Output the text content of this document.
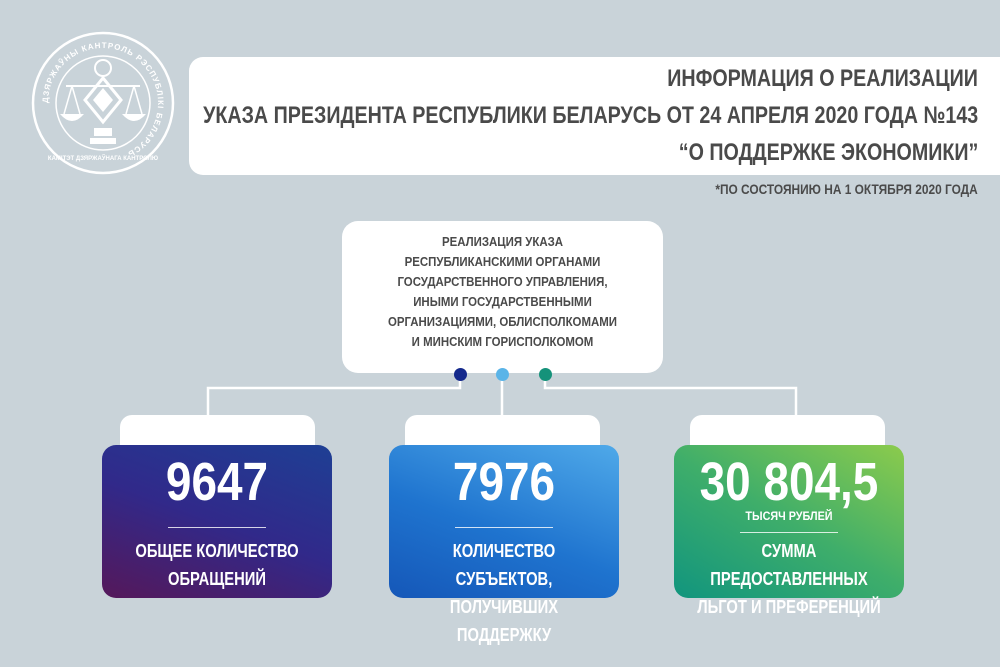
ДЗЯРЖАЎНЫ КАНТРОЛЬ РЭСПУБЛІКІ БЕЛАРУСЬ
КАМІТЭТ ДЗЯРЖАЎНАГА КАНТРОЛЮ

ИНФОРМАЦИЯ О РЕАЛИЗАЦИИ

УКАЗА ПРЕЗИДЕНТА РЕСПУБЛИКИ БЕЛАРУСЬ ОТ 24 АПРЕЛЯ 2020 ГОДА №143

“О ПОДДЕРЖКЕ ЭКОНОМИКИ”

*ПО СОСТОЯНИЮ НА 1 ОКТЯБРЯ 2020 ГОДА

РЕАЛИЗАЦИЯ УКАЗА
РЕСПУБЛИКАНСКИМИ ОРГАНАМИ
ГОСУДАРСТВЕННОГО УПРАВЛЕНИЯ,
ИНЫМИ ГОСУДАРСТВЕННЫМИ
ОРГАНИЗАЦИЯМИ, ОБЛИСПОЛКОМАМИ
И МИНСКИМ ГОРИСПОЛКОМОМ

9647

ОБЩЕЕ КОЛИЧЕСТВО
ОБРАЩЕНИЙ

7976

КОЛИЧЕСТВО СУБЪЕКТОВ,
ПОЛУЧИВШИХ ПОДДЕРЖКУ

30 804,5

ТЫСЯЧ РУБЛЕЙ

СУММА ПРЕДОСТАВЛЕННЫХ
ЛЬГОТ И ПРЕФЕРЕНЦИЙ
